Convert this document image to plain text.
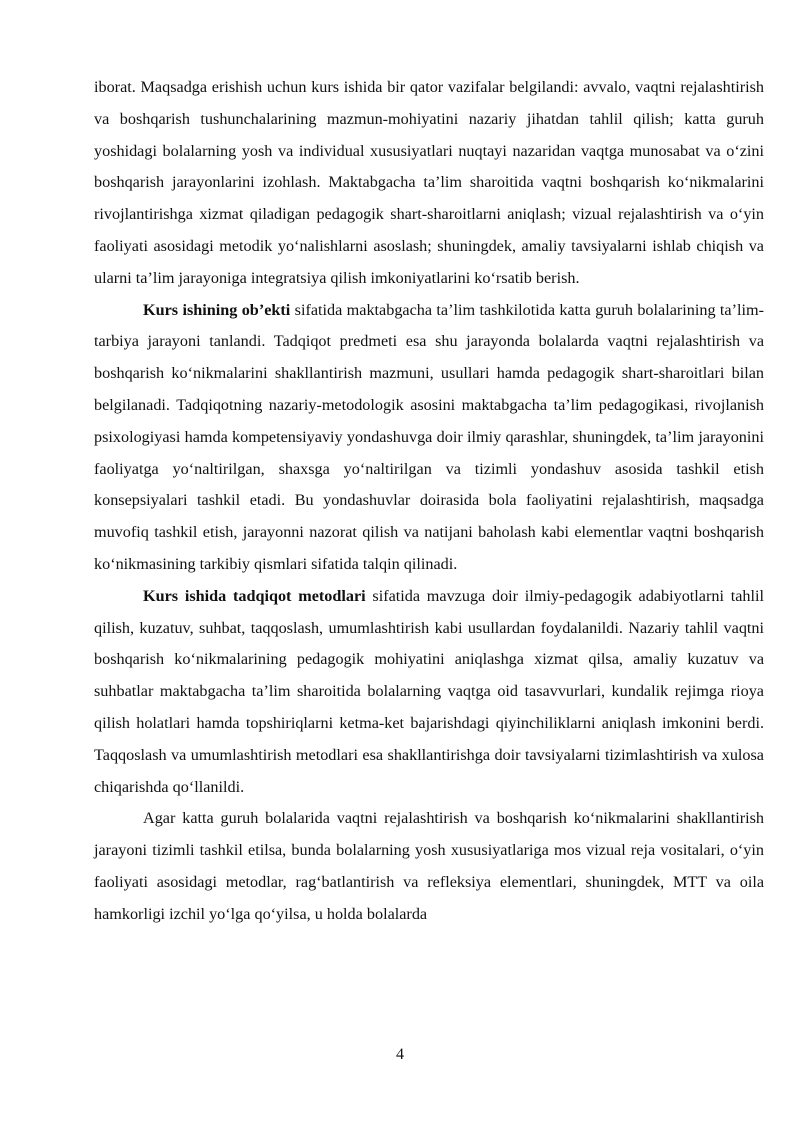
iborat. Maqsadga erishish uchun kurs ishida bir qator vazifalar belgilandi: avvalo, vaqtni rejalashtirish va boshqarish tushunchalarining mazmun-mohiyatini nazariy jihatdan tahlil qilish; katta guruh yoshidagi bolalarning yosh va individual xususiyatlari nuqtayi nazaridan vaqtga munosabat va o‘zini boshqarish jarayonlarini izohlash. Maktabgacha ta’lim sharoitida vaqtni boshqarish ko‘nikmalarini rivojlantirishga xizmat qiladigan pedagogik shart-sharoitlarni aniqlash; vizual rejalashtirish va o‘yin faoliyati asosidagi metodik yo‘nalishlarni asoslash; shuningdek, amaliy tavsiyalarni ishlab chiqish va ularni ta’lim jarayoniga integratsiya qilish imkoniyatlarini ko‘rsatib berish.

Kurs ishining ob’ekti sifatida maktabgacha ta’lim tashkilotida katta guruh bolalarining ta’lim-tarbiya jarayoni tanlandi. Tadqiqot predmeti esa shu jarayonda bolalarda vaqtni rejalashtirish va boshqarish ko‘nikmalarini shakllantirish mazmuni, usullari hamda pedagogik shart-sharoitlari bilan belgilanadi. Tadqiqotning nazariy-metodologik asosini maktabgacha ta’lim pedagogikasi, rivojlanish psixologiyasi hamda kompetensiyaviy yondashuvga doir ilmiy qarashlar, shuningdek, ta’lim jarayonini faoliyatga yo‘naltirilgan, shaxsga yo‘naltirilgan va tizimli yondashuv asosida tashkil etish konsepsiyalari tashkil etadi. Bu yondashuvlar doirasida bola faoliyatini rejalashtirish, maqsadga muvofiq tashkil etish, jarayonni nazorat qilish va natijani baholash kabi elementlar vaqtni boshqarish ko‘nikmasining tarkibiy qismlari sifatida talqin qilinadi.

Kurs ishida tadqiqot metodlari sifatida mavzuga doir ilmiy-pedagogik adabiyotlarni tahlil qilish, kuzatuv, suhbat, taqqoslash, umumlashtirish kabi usullardan foydalanildi. Nazariy tahlil vaqtni boshqarish ko‘nikmalarining pedagogik mohiyatini aniqlashga xizmat qilsa, amaliy kuzatuv va suhbatlar maktabgacha ta’lim sharoitida bolalarning vaqtga oid tasavvurlari, kundalik rejimga rioya qilish holatlari hamda topshiriqlarni ketma-ket bajarishdagi qiyinchiliklarni aniqlash imkonini berdi. Taqqoslash va umumlashtirish metodlari esa shakllantirishga doir tavsiyalarni tizimlashtirish va xulosa chiqarishda qo‘llanildi.

Agar katta guruh bolalarida vaqtni rejalashtirish va boshqarish ko‘nikmalarini shakllantirish jarayoni tizimli tashkil etilsa, bunda bolalarning yosh xususiyatlariga mos vizual reja vositalari, o‘yin faoliyati asosidagi metodlar, rag‘batlantirish va refleksiya elementlari, shuningdek, MTT va oila hamkorligi izchil yo‘lga qo‘yilsa, u holda bolalarda

4
